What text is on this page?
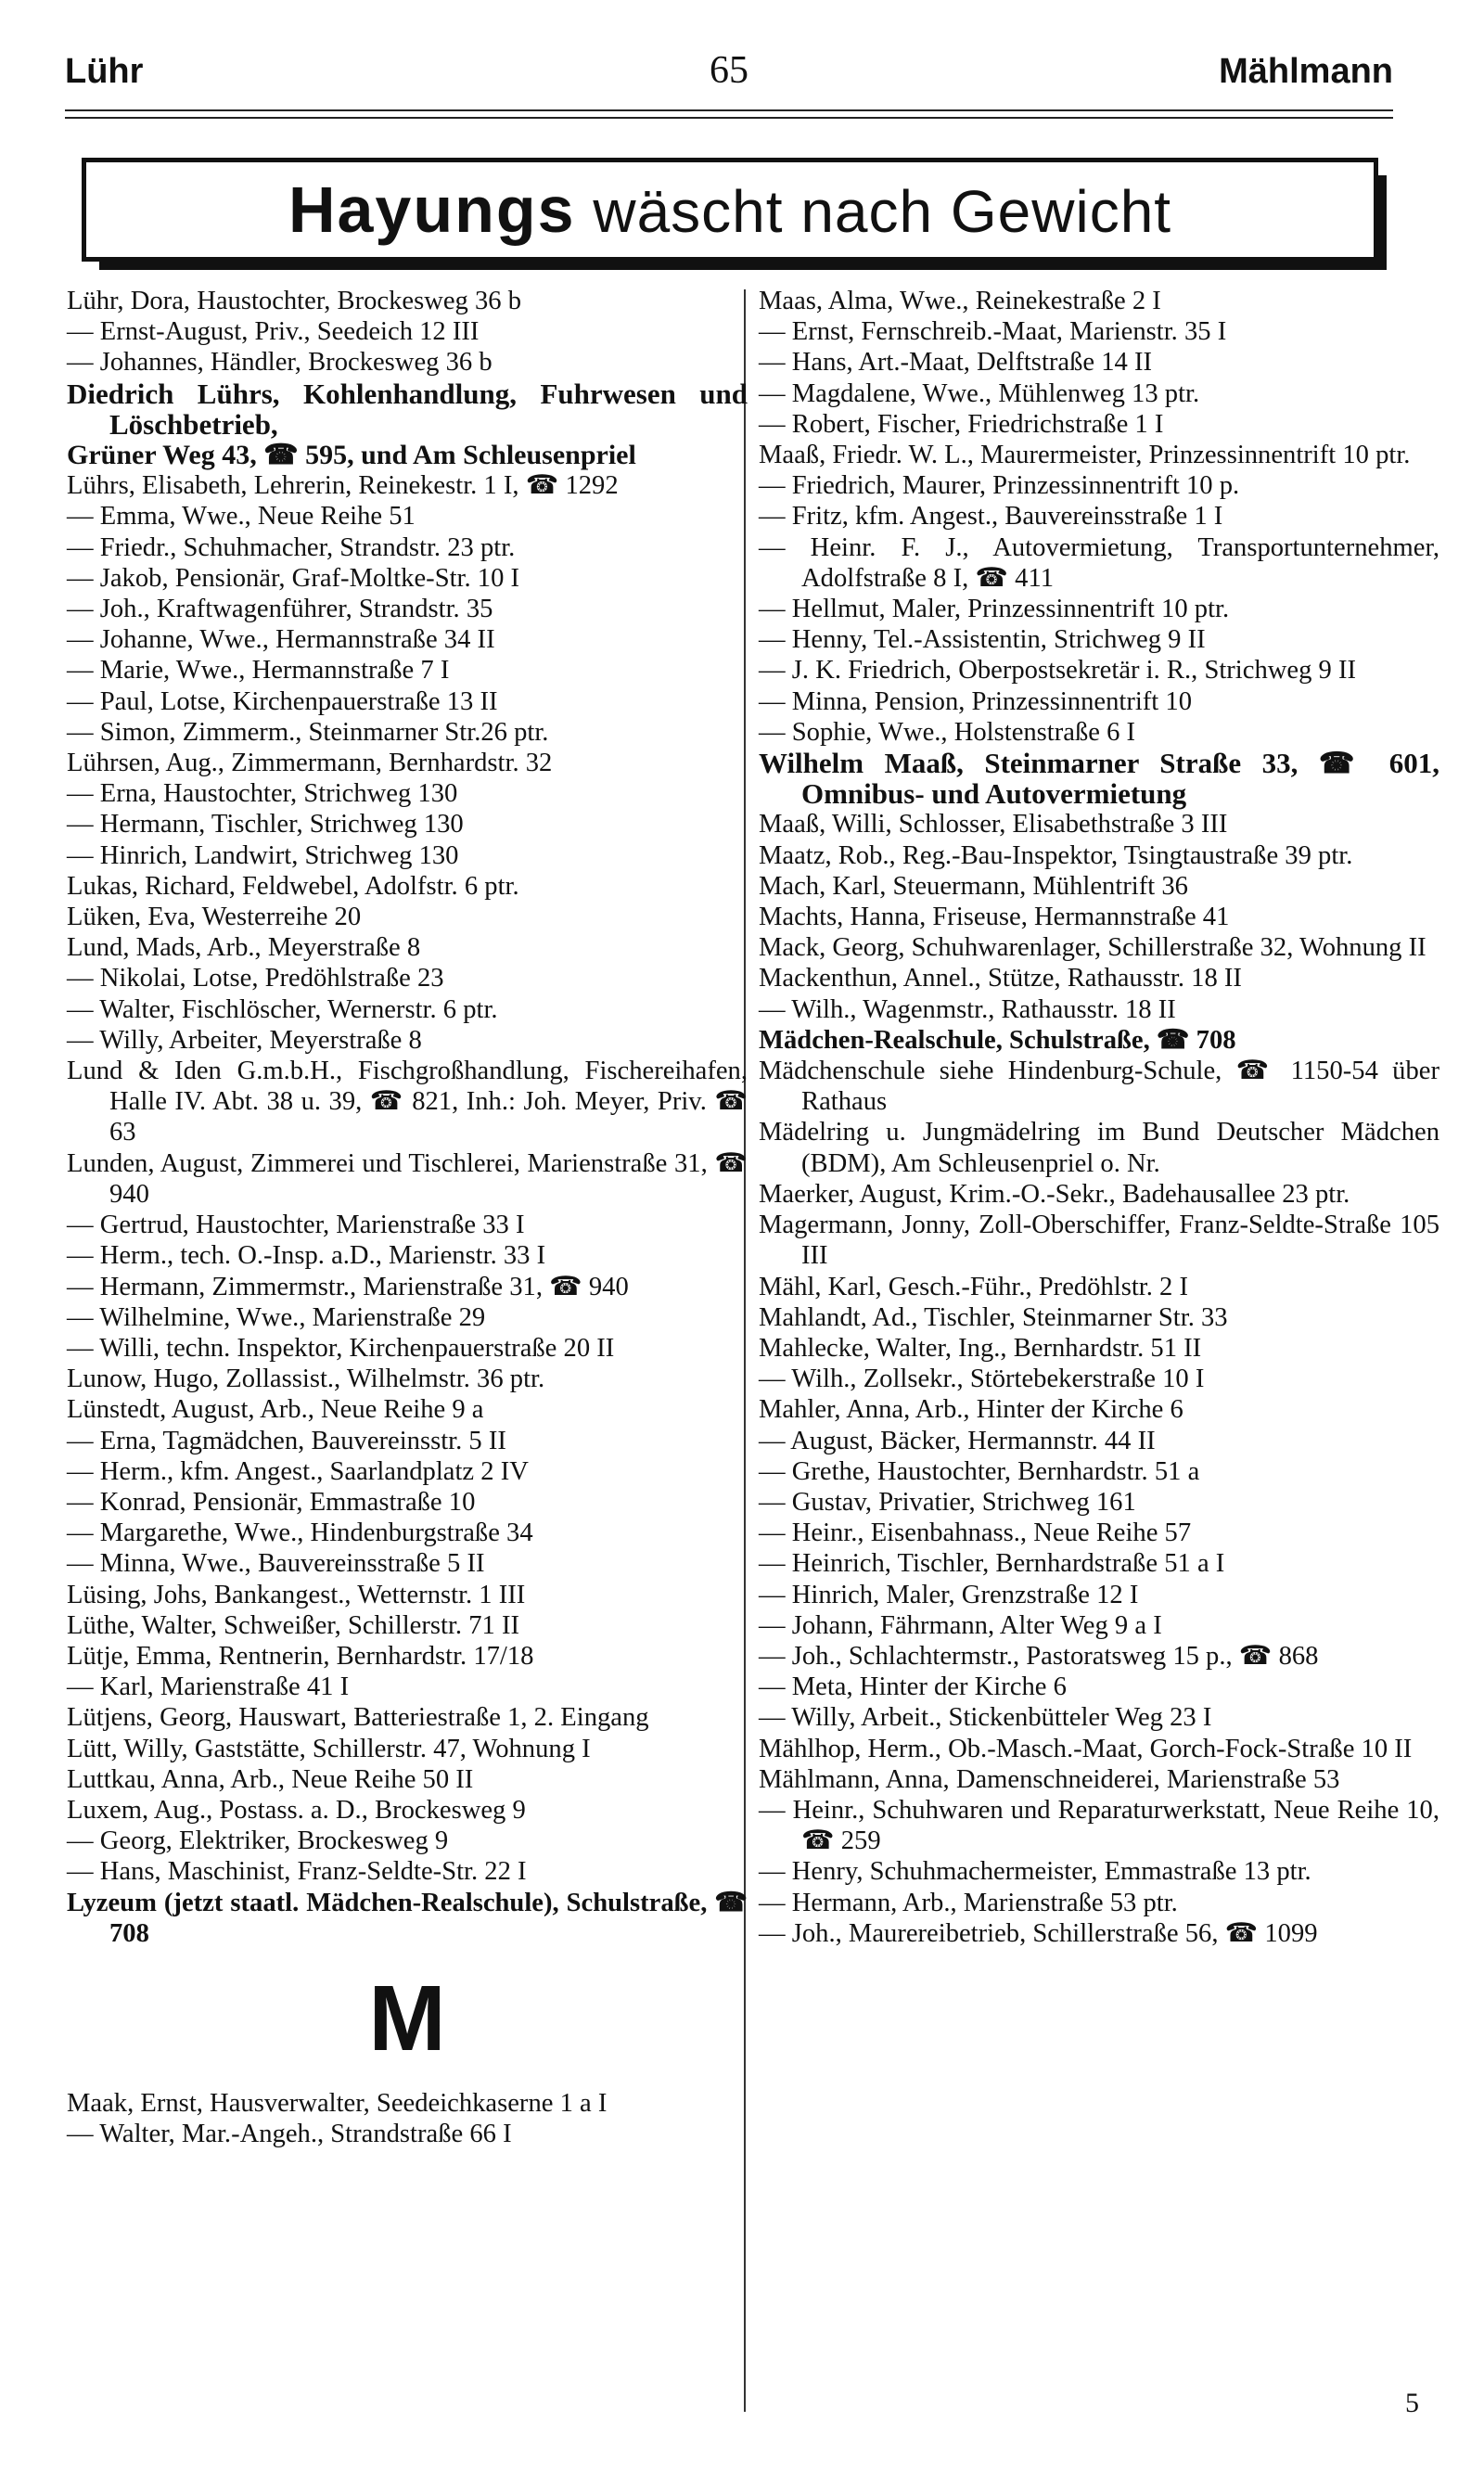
Lühr	65	Mählmann
Hayungs wäscht nach Gewicht
Lühr, Dora, Haustochter, Brockesweg 36 b
— Ernst-August, Priv., Seedeich 12 III
— Johannes, Händler, Brockesweg 36 b
Diedrich Lührs, Kohlenhandlung, Fuhrwesen und Löschbetrieb,
Grüner Weg 43, ☎ 595, und Am Schleusenpriel
Lührs, Elisabeth, Lehrerin, Reinekestr. 1 I, ☎ 1292
— Emma, Wwe., Neue Reihe 51
— Friedr., Schuhmacher, Strandstr. 23 ptr.
— Jakob, Pensionär, Graf-Moltke-Str. 10 I
— Joh., Kraftwagenführer, Strandstr. 35
— Johanne, Wwe., Hermannstraße 34 II
— Marie, Wwe., Hermannstraße 7 I
— Paul, Lotse, Kirchenpauerstraße 13 II
— Simon, Zimmerm., Steinmarner Str.26 ptr.
Lührsen, Aug., Zimmermann, Bernhardstr. 32
— Erna, Haustochter, Strichweg 130
— Hermann, Tischler, Strichweg 130
— Hinrich, Landwirt, Strichweg 130
Lukas, Richard, Feldwebel, Adolfstr. 6 ptr.
Lüken, Eva, Westerreihe 20
Lund, Mads, Arb., Meyerstraße 8
— Nikolai, Lotse, Predöhlstraße 23
— Walter, Fischlöscher, Wernerstr. 6 ptr.
— Willy, Arbeiter, Meyerstraße 8
Lund & Iden G.m.b.H., Fischgroßhandlung, Fischereihafen, Halle IV. Abt. 38 u. 39, ☎ 821, Inh.: Joh. Meyer, Priv. ☎ 63
Lunden, August, Zimmerei und Tischlerei, Marienstraße 31, ☎ 940
— Gertrud, Haustochter, Marienstraße 33 I
— Herm., tech. O.-Insp. a.D., Marienstr. 33 I
— Hermann, Zimmermstr., Marienstraße 31, ☎ 940
— Wilhelmine, Wwe., Marienstraße 29
— Willi, techn. Inspektor, Kirchenpauerstraße 20 II
Lunow, Hugo, Zollassist., Wilhelmstr. 36 ptr.
Lünstedt, August, Arb., Neue Reihe 9 a
— Erna, Tagmädchen, Bauvereinsstr. 5 II
— Herm., kfm. Angest., Saarlandplatz 2 IV
— Konrad, Pensionär, Emmastraße 10
— Margarethe, Wwe., Hindenburgstraße 34
— Minna, Wwe., Bauvereinsstraße 5 II
Lüsing, Johs, Bankangest., Wetternstr. 1 III
Lüthe, Walter, Schweißer, Schillerstr. 71 II
Lütje, Emma, Rentnerin, Bernhardstr. 17/18
— Karl, Marienstraße 41 I
Lütjens, Georg, Hauswart, Batteriestraße 1, 2. Eingang
Lütt, Willy, Gaststätte, Schillerstr. 47, Wohnung I
Luttkau, Anna, Arb., Neue Reihe 50 II
Luxem, Aug., Postass. a. D., Brockesweg 9
— Georg, Elektriker, Brockesweg 9
— Hans, Maschinist, Franz-Seldte-Str. 22 I
Lyzeum (jetzt staatl. Mädchen-Realschule), Schulstraße, ☎ 708
M
Maak, Ernst, Hausverwalter, Seedeichkaserne 1 a I
— Walter, Mar.-Angeh., Strandstraße 66 I
Maas, Alma, Wwe., Reinekestraße 2 I
— Ernst, Fernschreib.-Maat, Marienstr. 35 I
— Hans, Art.-Maat, Delftstraße 14 II
— Magdalene, Wwe., Mühlenweg 13 ptr.
— Robert, Fischer, Friedrichstraße 1 I
Maaß, Friedr. W. L., Maurermeister, Prinzessinnentrift 10 ptr.
— Friedrich, Maurer, Prinzessinnentrift 10 p.
— Fritz, kfm. Angest., Bauvereinsstraße 1 I
— Heinr. F. J., Autovermietung, Transportunternehmer, Adolfstraße 8 I, ☎ 411
— Hellmut, Maler, Prinzessinnentrift 10 ptr.
— Henny, Tel.-Assistentin, Strichweg 9 II
— J. K. Friedrich, Oberpostsekretär i. R., Strichweg 9 II
— Minna, Pension, Prinzessinnentrift 10
— Sophie, Wwe., Holstenstraße 6 I
Wilhelm Maaß, Steinmarner Straße 33, ☎ 601, Omnibus- und Autovermietung
Maaß, Willi, Schlosser, Elisabethstraße 3 III
Maatz, Rob., Reg.-Bau-Inspektor, Tsingtaustraße 39 ptr.
Mach, Karl, Steuermann, Mühlentrift 36
Machts, Hanna, Friseuse, Hermannstraße 41
Mack, Georg, Schuhwarenlager, Schillerstraße 32, Wohnung II
Mackenthun, Annel., Stütze, Rathausstr. 18 II
— Wilh., Wagenmstr., Rathausstr. 18 II
Mädchen-Realschule, Schulstraße, ☎ 708
Mädchenschule siehe Hindenburg-Schule, ☎ 1150-54 über Rathaus
Mädelring u. Jungmädelring im Bund Deutscher Mädchen (BDM), Am Schleusenpriel o. Nr.
Maerker, August, Krim.-O.-Sekr., Badehausallee 23 ptr.
Magermann, Jonny, Zoll-Oberschiffer, Franz-Seldte-Straße 105 III
Mähl, Karl, Gesch.-Führ., Predöhlstr. 2 I
Mahlandt, Ad., Tischler, Steinmarner Str. 33
Mahlecke, Walter, Ing., Bernhardstr. 51 II
— Wilh., Zollsekr., Störtebekerstraße 10 I
Mahler, Anna, Arb., Hinter der Kirche 6
— August, Bäcker, Hermannstr. 44 II
— Grethe, Haustochter, Bernhardstr. 51 a
— Gustav, Privatier, Strichweg 161
— Heinr., Eisenbahnass., Neue Reihe 57
— Heinrich, Tischler, Bernhardstraße 51 a I
— Hinrich, Maler, Grenzstraße 12 I
— Johann, Fährmann, Alter Weg 9 a I
— Joh., Schlachtermstr., Pastoratsweg 15 p., ☎ 868
— Meta, Hinter der Kirche 6
— Willy, Arbeit., Stickenbütteler Weg 23 I
Mählhop, Herm., Ob.-Masch.-Maat, Gorch-Fock-Straße 10 II
Mählmann, Anna, Damenschneiderei, Marienstraße 53
— Heinr., Schuhwaren und Reparaturwerkstatt, Neue Reihe 10, ☎ 259
— Henry, Schuhmachermeister, Emmastraße 13 ptr.
— Hermann, Arb., Marienstraße 53 ptr.
— Joh., Maurereibetrieb, Schillerstraße 56, ☎ 1099
5
